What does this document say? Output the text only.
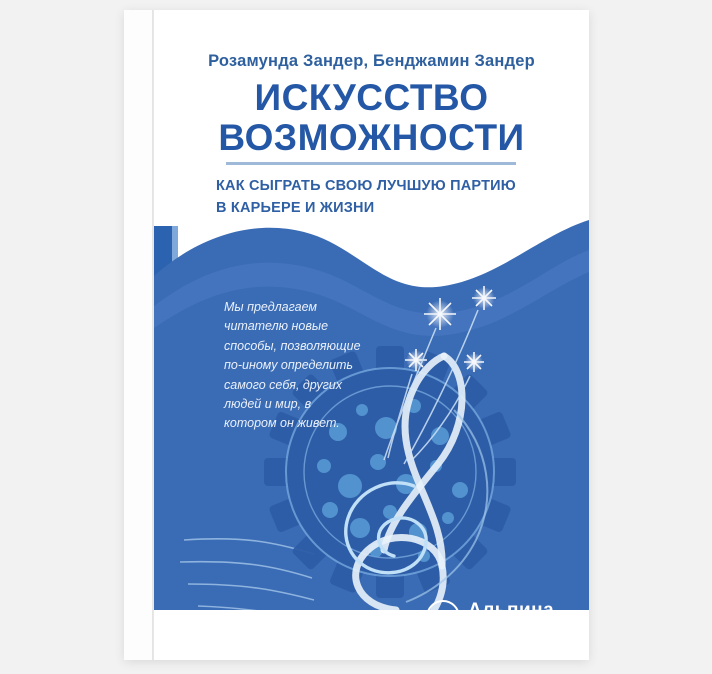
Розамунда Зандер, Бенджамин Зандер
ИСКУССТВО
ВОЗМОЖНОСТИ
КАК СЫГРАТЬ СВОЮ ЛУЧШУЮ ПАРТИЮ
В КАРЬЕРЕ И ЖИЗНИ
Мы предлагаем читателю новые способы, позволяющие по-иному определить самого себя, других людей и мир, в котором он живет.
Альпина
ПАБЛИШЕР
